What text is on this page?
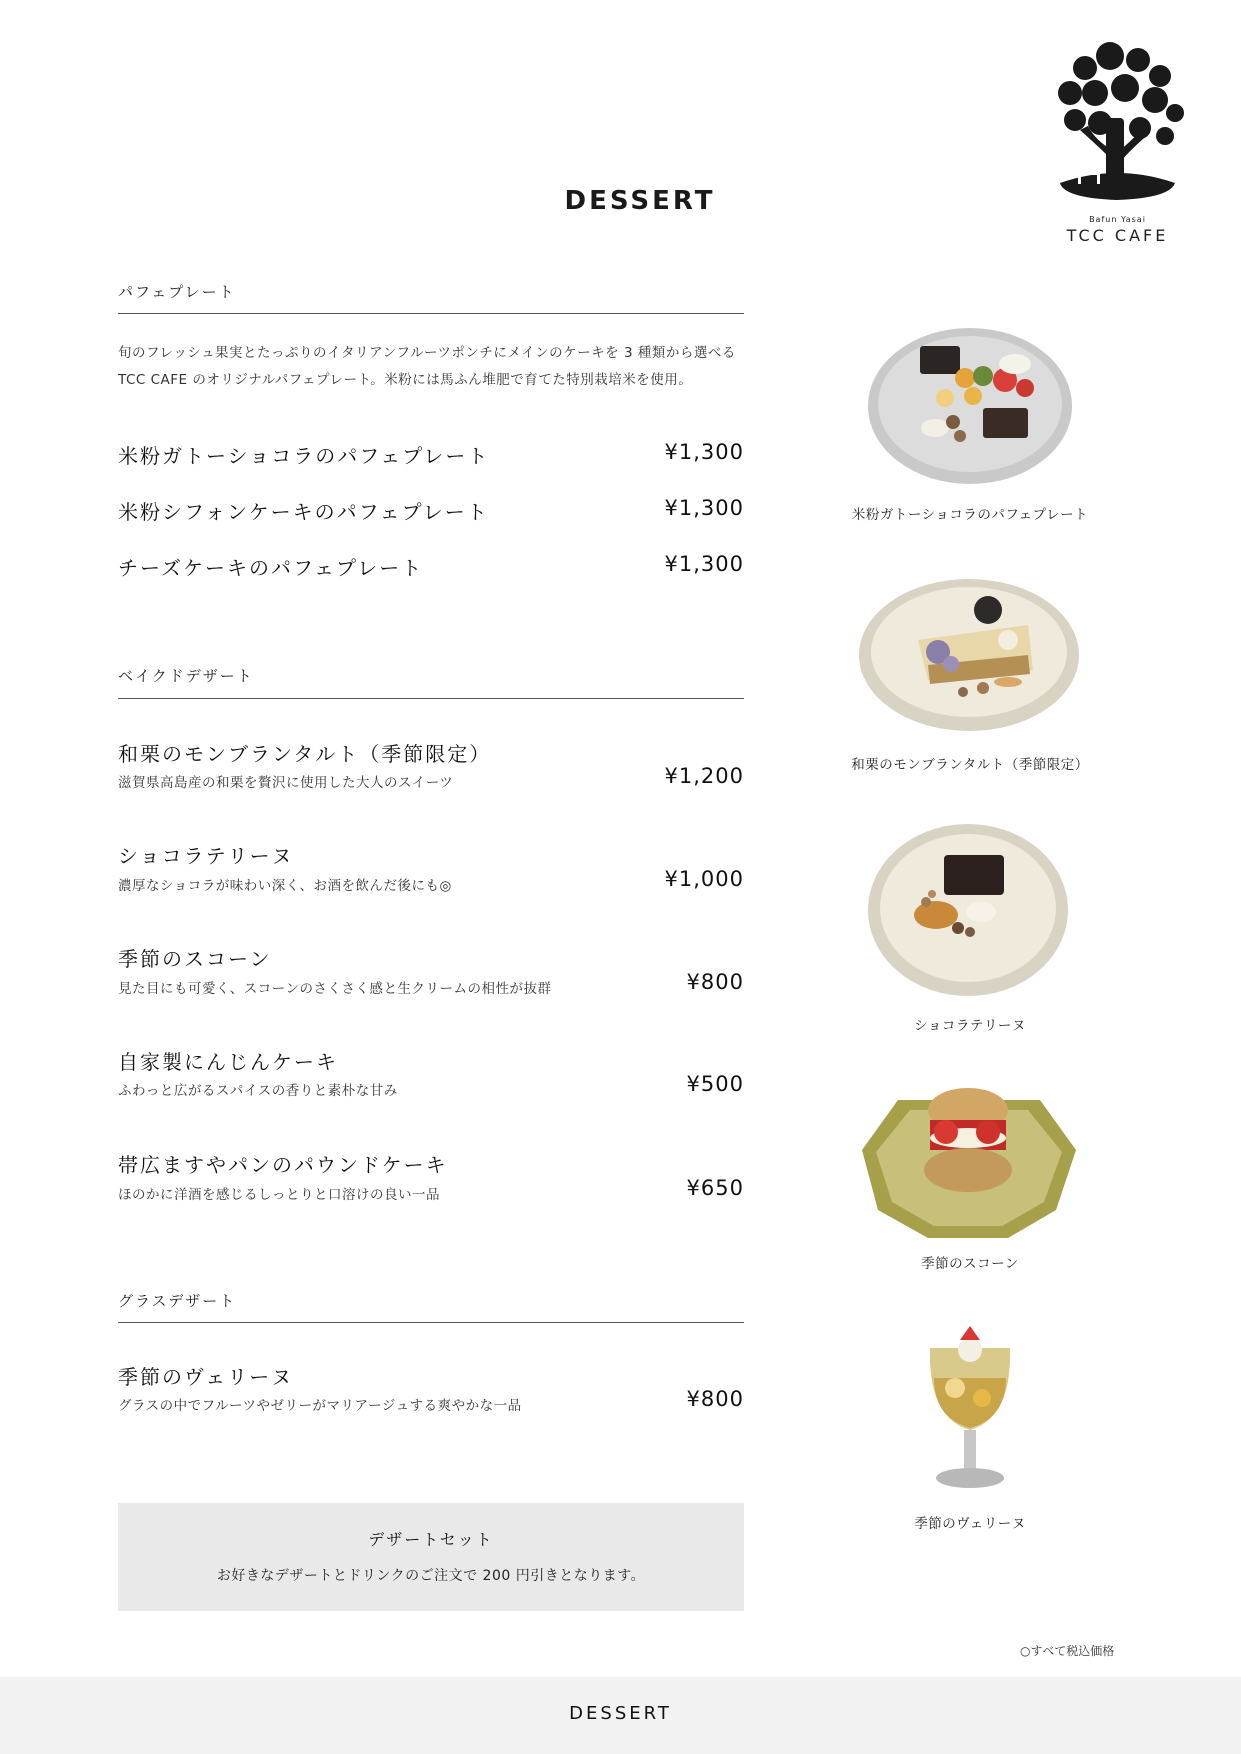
Bafun Yasai
TCC CAFE
DESSERT
パフェプレート
旬のフレッシュ果実とたっぷりのイタリアンフルーツポンチにメインのケーキを 3 種類から選べる
TCC CAFE のオリジナルパフェプレート。米粉には馬ふん堆肥で育てた特別栽培米を使用。
米粉ガトーショコラのパフェプレート	¥1,300
米粉シフォンケーキのパフェプレート	¥1,300
チーズケーキのパフェプレート	¥1,300
ベイクドデザート
和栗のモンブランタルト（季節限定）
滋賀県高島産の和栗を贅沢に使用した大人のスイーツ	¥1,200
ショコラテリーヌ
濃厚なショコラが味わい深く、お酒を飲んだ後にも◎	¥1,000
季節のスコーン
見た目にも可愛く、スコーンのさくさく感と生クリームの相性が抜群	¥800
自家製にんじんケーキ
ふわっと広がるスパイスの香りと素朴な甘み	¥500
帯広ますやパンのパウンドケーキ
ほのかに洋酒を感じるしっとりと口溶けの良い一品	¥650
グラスデザート
季節のヴェリーヌ
グラスの中でフルーツやゼリーがマリアージュする爽やかな一品	¥800
デザートセット
お好きなデザートとドリンクのご注文で 200 円引きとなります。
米粉ガトーショコラのパフェプレート
和栗のモンブランタルト（季節限定）
ショコラテリーヌ
季節のスコーン
季節のヴェリーヌ
○すべて税込価格
DESSERT
